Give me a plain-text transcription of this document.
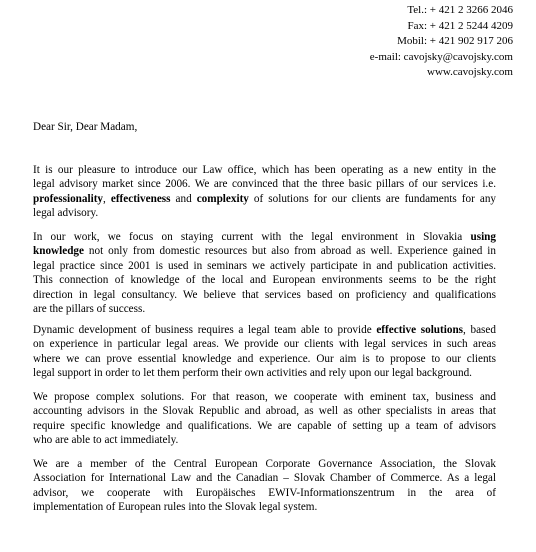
Tel.: + 421 2 3266 2046
Fax: + 421 2 5244 4209
Mobil: + 421 902 917 206
e-mail: cavojsky@cavojsky.com
www.cavojsky.com
Dear Sir, Dear Madam,
It is our pleasure to introduce our Law office, which has been operating as a new entity in the
legal advisory market since 2006. We are convinced that the three basic pillars of our services i.e.
professionality, effectiveness and complexity of solutions for our clients are fundaments for any
legal advisory.
In our work, we focus on staying current with the legal environment in Slovakia using
knowledge not only from domestic resources but also from abroad as well. Experience gained in
legal practice since 2001 is used in seminars we actively participate in and publication activities.
This connection of knowledge of the local and European environments seems to be the right
direction in legal consultancy. We believe that services based on proficiency and qualifications
are the pillars of success.
Dynamic development of business requires a legal team able to provide effective solutions, based
on experience in particular legal areas. We provide our clients with legal services in such areas
where we can prove essential knowledge and experience. Our aim is to propose to our clients
legal support in order to let them perform their own activities and rely upon our legal background.
We propose complex solutions. For that reason, we cooperate with eminent tax, business and
accounting advisors in the Slovak Republic and abroad, as well as other specialists in areas that
require specific knowledge and qualifications. We are capable of setting up a team of advisors
who are able to act immediately.
We are a member of the Central European Corporate Governance Association, the Slovak
Association for International Law and the Canadian – Slovak Chamber of Commerce. As a legal
advisor, we cooperate with Europäisches EWIV-Informationszentrum in the area of
implementation of European rules into the Slovak legal system.
